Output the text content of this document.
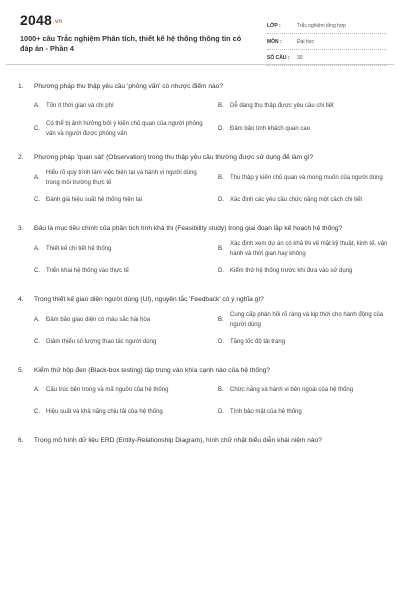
2048.vn
1000+ câu Trắc nghiệm Phân tích, thiết kế hệ thống thông tin có đáp án - Phần 4
LỚP :	Trắc nghiệm tổng hợp
MÔN :	Đại học
SỐ CÂU :	30
1.	Phương pháp thu thập yêu cầu 'phỏng vấn' có nhược điểm nào?
A.	Tốn ít thời gian và chi phí	B.	Dễ dàng thu thập được yêu cầu chi tiết
C.
Có thể bị ảnh hưởng bởi ý kiến chủ quan của người phỏng vấn và người được phỏng vấn
D.	Đảm bảo tính khách quan cao
2.	Phương pháp 'quan sát' (Observation) trong thu thập yêu cầu thường được sử dụng để làm gì?
A.
Hiểu rõ quy trình làm việc hiện tại và hành vi người dùng trong môi trường thực tế
B.	Thu thập ý kiến chủ quan và mong muốn của người dùng
C.	Đánh giá hiệu suất hệ thống hiện tại	D.	Xác định các yêu cầu chức năng một cách chi tiết
3.	Đâu là mục tiêu chính của phân tích tính khả thi (Feasibility study) trong giai đoạn lập kế hoạch hệ thống?
A.	Thiết kế chi tiết hệ thống	B.
Xác định xem dự án có khả thi về mặt kỹ thuật, kinh tế, vận hành và thời gian hay không
C.	Triển khai hệ thống vào thực tế	D.	Kiểm thử hệ thống trước khi đưa vào sử dụng
4.	Trong thiết kế giao diện người dùng (UI), nguyên tắc 'Feedback' có ý nghĩa gì?
A.	Đảm bảo giao diện có màu sắc hài hòa	B.
Cung cấp phản hồi rõ ràng và kịp thời cho hành động của người dùng
C.	Giảm thiểu số lượng thao tác người dùng	D.	Tăng tốc độ tải trang
5.	Kiểm thử hộp đen (Black-box testing) tập trung vào khía cạnh nào của hệ thống?
A.	Cấu trúc bên trong và mã nguồn của hệ thống	B.	Chức năng và hành vi bên ngoài của hệ thống
C.	Hiệu suất và khả năng chịu tải của hệ thống	D.	Tính bảo mật của hệ thống
6.	Trong mô hình dữ liệu ERD (Entity-Relationship Diagram), hình chữ nhật biểu diễn khái niệm nào?
